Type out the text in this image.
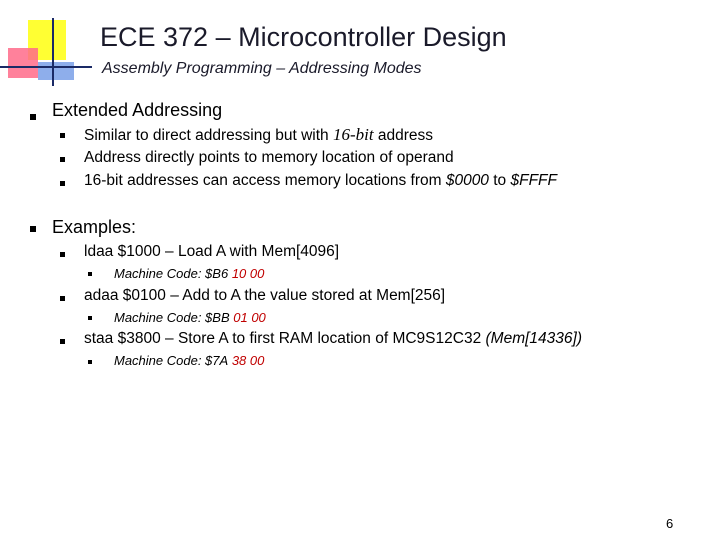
ECE 372 – Microcontroller Design
Assembly Programming – Addressing Modes
Extended Addressing
Similar to direct addressing but with 16-bit address
Address directly points to memory location of operand
16-bit addresses can access memory locations from $0000 to $FFFF
Examples:
ldaa $1000 – Load A with Mem[4096]
Machine Code: $B6 10 00
adaa $0100 – Add to A the value stored at Mem[256]
Machine Code: $BB 01 00
staa $3800 – Store A to first RAM location of MC9S12C32 (Mem[14336])
Machine Code: $7A 38 00
6
